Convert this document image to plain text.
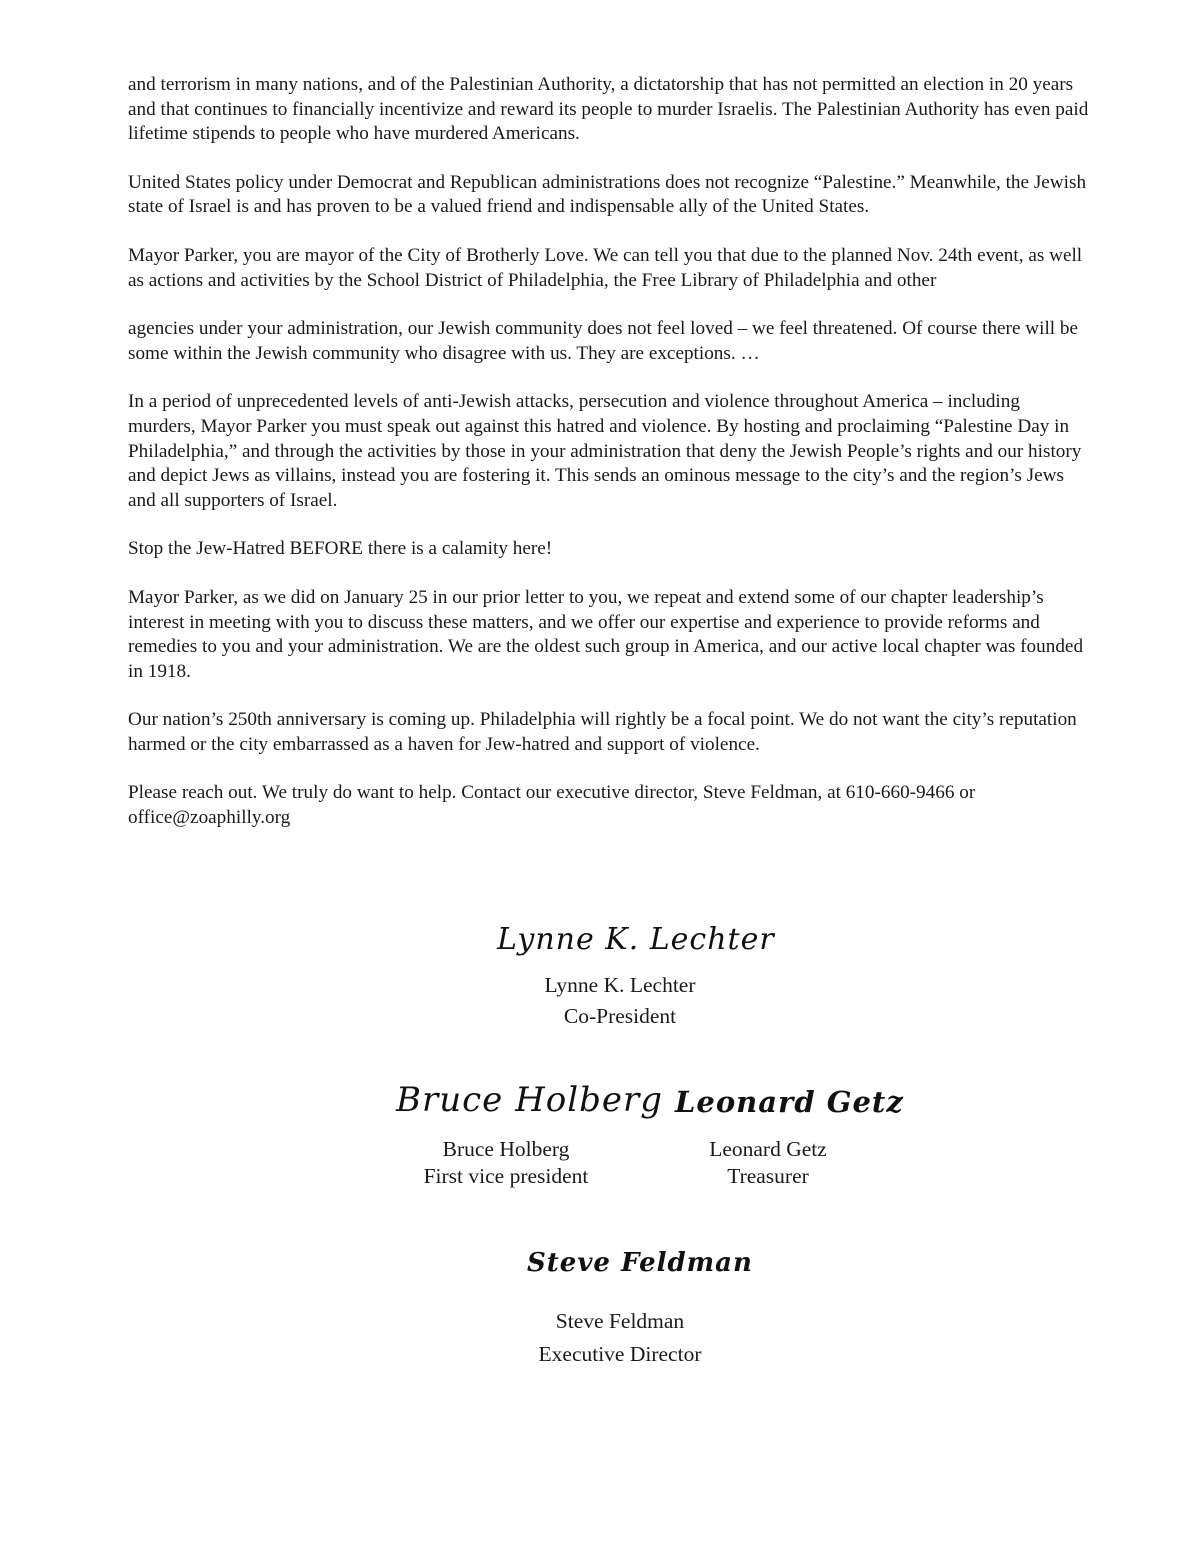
and terrorism in many nations, and of the Palestinian Authority, a dictatorship that has not permitted an election in 20 years and that continues to financially incentivize and reward its people to murder Israelis. The Palestinian Authority has even paid lifetime stipends to people who have murdered Americans.

United States policy under Democrat and Republican administrations does not recognize “Palestine.” Meanwhile, the Jewish state of Israel is and has proven to be a valued friend and indispensable ally of the United States.

Mayor Parker, you are mayor of the City of Brotherly Love. We can tell you that due to the planned Nov. 24th event, as well as actions and activities by the School District of Philadelphia, the Free Library of Philadelphia and other

agencies under your administration, our Jewish community does not feel loved – we feel threatened. Of course there will be some within the Jewish community who disagree with us. They are exceptions. …

In a period of unprecedented levels of anti-Jewish attacks, persecution and violence throughout America – including murders, Mayor Parker you must speak out against this hatred and violence. By hosting and proclaiming “Palestine Day in Philadelphia,” and through the activities by those in your administration that deny the Jewish People’s rights and our history and depict Jews as villains, instead you are fostering it. This sends an ominous message to the city’s and the region’s Jews and all supporters of Israel.

Stop the Jew-Hatred BEFORE there is a calamity here!

Mayor Parker, as we did on January 25 in our prior letter to you, we repeat and extend some of our chapter leadership’s interest in meeting with you to discuss these matters, and we offer our expertise and experience to provide reforms and remedies to you and your administration. We are the oldest such group in America, and our active local chapter was founded in 1918.

Our nation’s 250th anniversary is coming up. Philadelphia will rightly be a focal point. We do not want the city’s reputation harmed or the city embarrassed as a haven for Jew-hatred and support of violence.

Please reach out. We truly do want to help. Contact our executive director, Steve Feldman, at 610-660-9466 or office@zoaphilly.org

Lynne K. Lechter
Lynne K. Lechter
Co-President
Bruce Holberg
Bruce Holberg
First vice president
Leonard Getz
Leonard Getz
Treasurer
Steve Feldman
Steve Feldman
Executive Director
